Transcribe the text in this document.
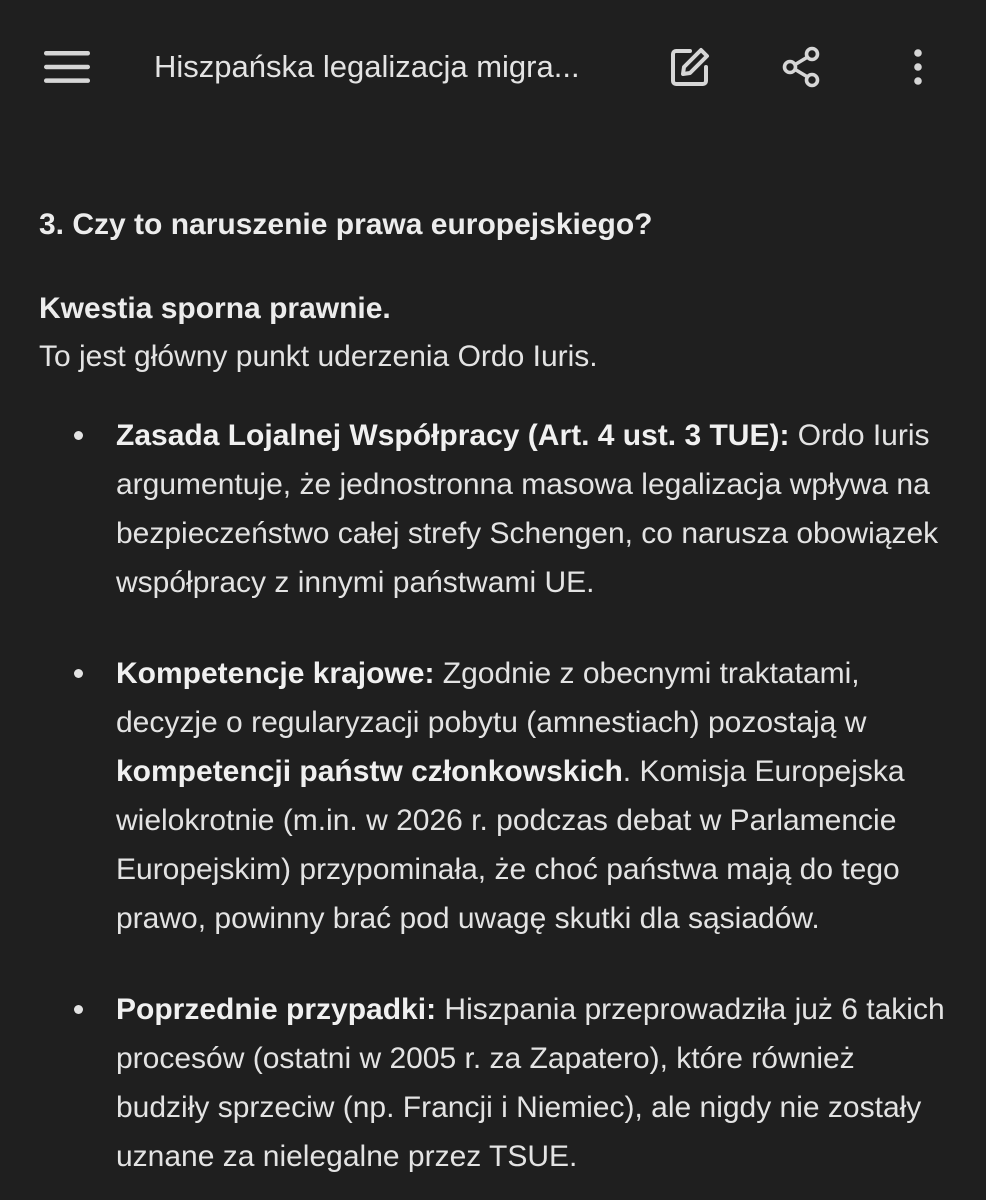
Hiszpańska legalizacja migra...
3. Czy to naruszenie prawa europejskiego?
Kwestia sporna prawnie.
To jest główny punkt uderzenia Ordo Iuris.
Zasada Lojalnej Współpracy (Art. 4 ust. 3 TUE): Ordo Iuris argumentuje, że jednostronna masowa legalizacja wpływa na bezpieczeństwo całej strefy Schengen, co narusza obowiązek współpracy z innymi państwami UE.
Kompetencje krajowe: Zgodnie z obecnymi traktatami, decyzje o regularyzacji pobytu (amnestiach) pozostają w kompetencji państw członkowskich. Komisja Europejska wielokrotnie (m.in. w 2026 r. podczas debat w Parlamencie Europejskim) przypominała, że choć państwa mają do tego prawo, powinny brać pod uwagę skutki dla sąsiadów.
Poprzednie przypadki: Hiszpania przeprowadziła już 6 takich procesów (ostatni w 2005 r. za Zapatero), które również budziły sprzeciw (np. Francji i Niemiec), ale nigdy nie zostały uznane za nielegalne przez TSUE.
